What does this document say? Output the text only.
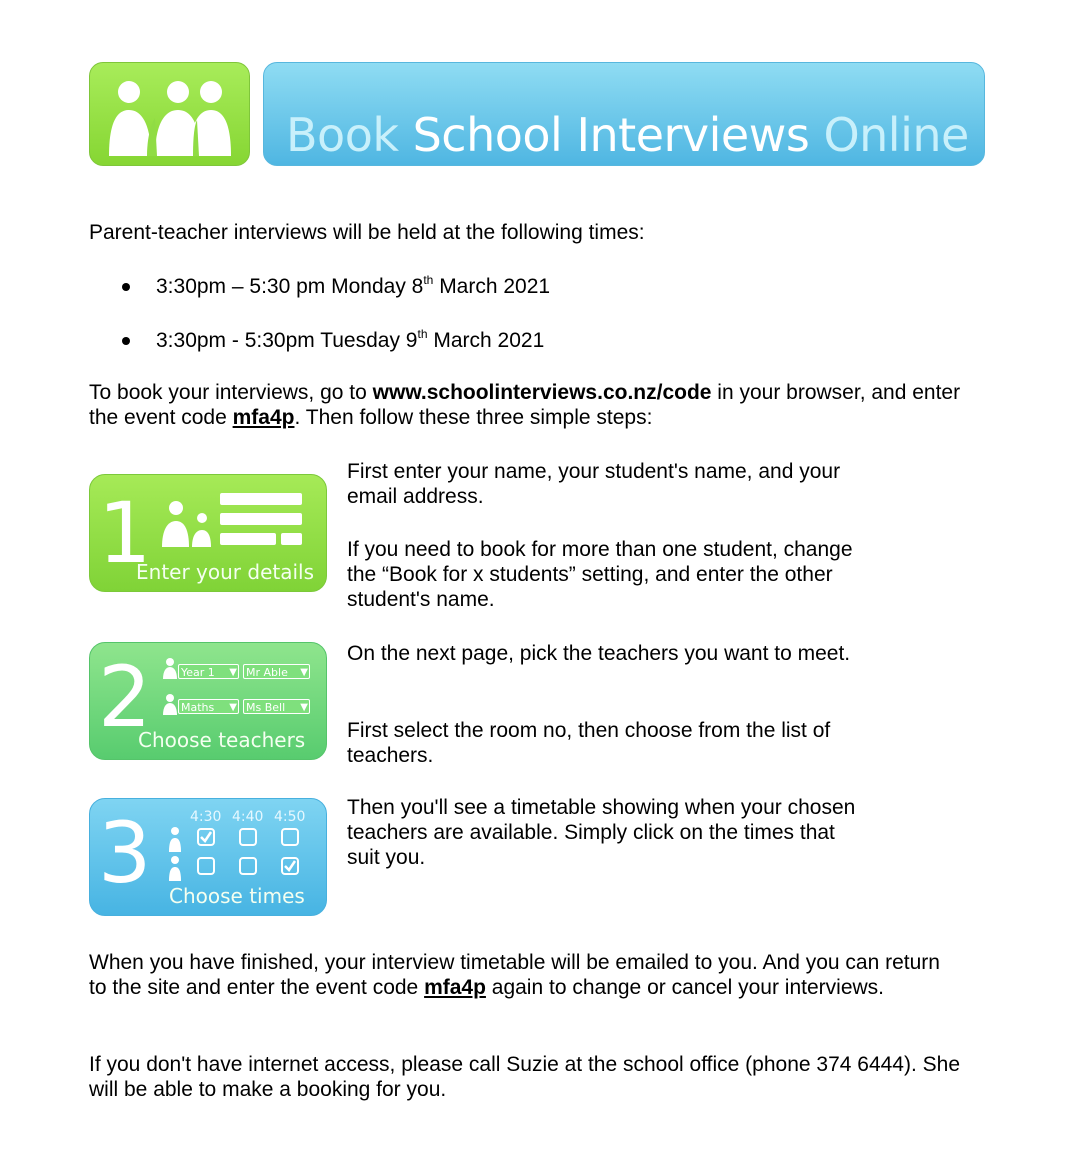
Book School Interviews Online
Parent-teacher interviews will be held at the following times:
3:30pm – 5:30 pm Monday 8th March 2021
3:30pm - 5:30pm Tuesday 9th March 2021
To book your interviews, go to www.schoolinterviews.co.nz/code in your browser, and enter the event code mfa4p. Then follow these three simple steps:
1
Enter your details
First enter your name, your student's name, and your email address.
If you need to book for more than one student, change the “Book for x students” setting, and enter the other student's name.
2	Year 1 ▼ Mr Able ▼
Maths ▼ Ms Bell ▼
Choose teachers
On the next page, pick the teachers you want to meet.
First select the room no, then choose from the list of teachers.
3	4:30 4:40 4:50
Choose times
Then you'll see a timetable showing when your chosen teachers are available. Simply click on the times that suit you.
When you have finished, your interview timetable will be emailed to you. And you can return to the site and enter the event code mfa4p again to change or cancel your interviews.
If you don't have internet access, please call Suzie at the school office (phone 374 6444). She will be able to make a booking for you.
